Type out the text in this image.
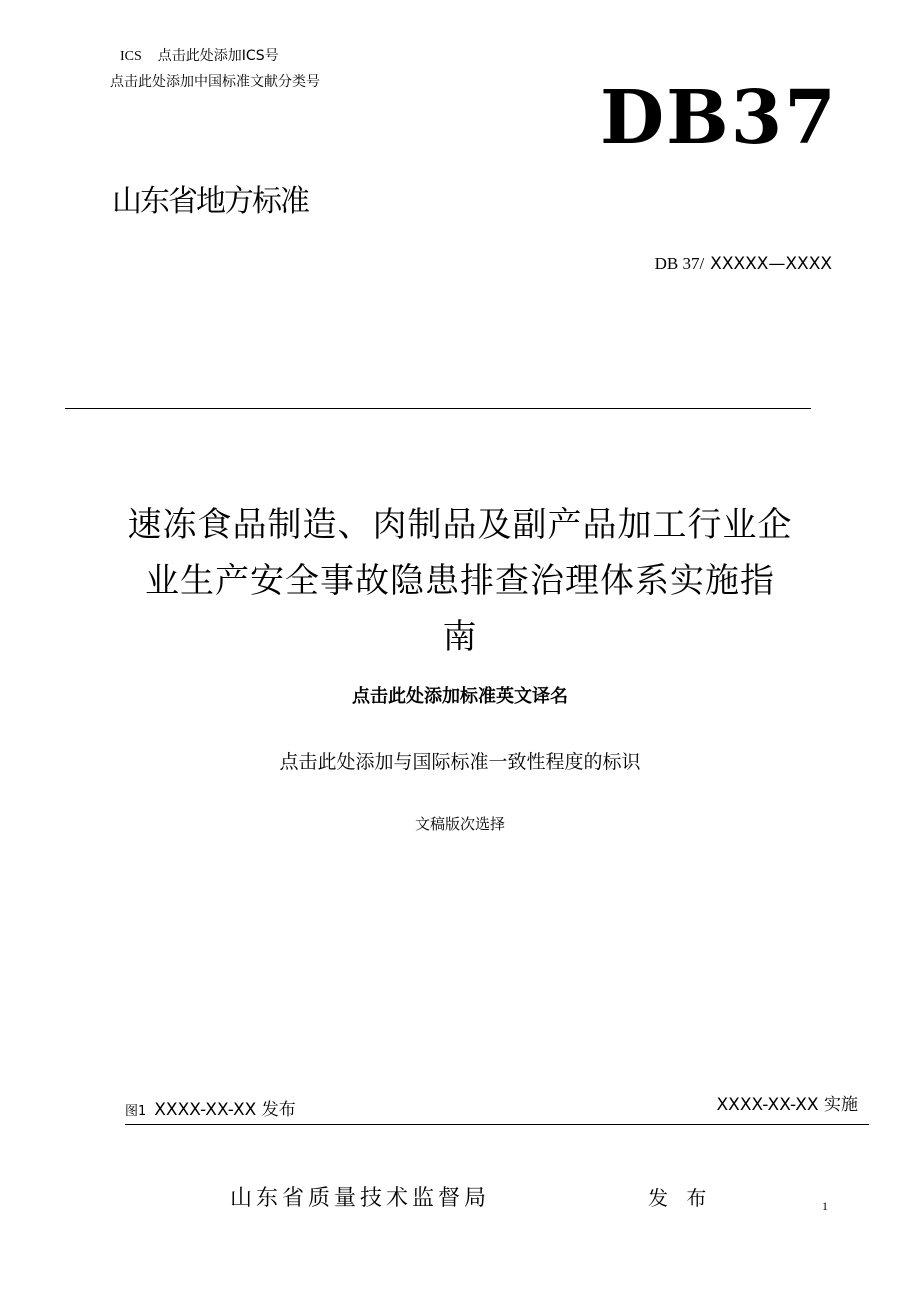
ICS 点击此处添加ICS号
点击此处添加中国标准文献分类号	DB37
山东省地方标准
DB 37/ XXXXX—XXXX
速冻食品制造、肉制品及副产品加工行业企
业生产安全事故隐患排查治理体系实施指
南
点击此处添加标准英文译名
点击此处添加与国际标准一致性程度的标识
文稿版次选择
图1 XXXX-XX-XX 发布	XXXX-XX-XX 实施
山东省质量技术监督局	发 布	1
